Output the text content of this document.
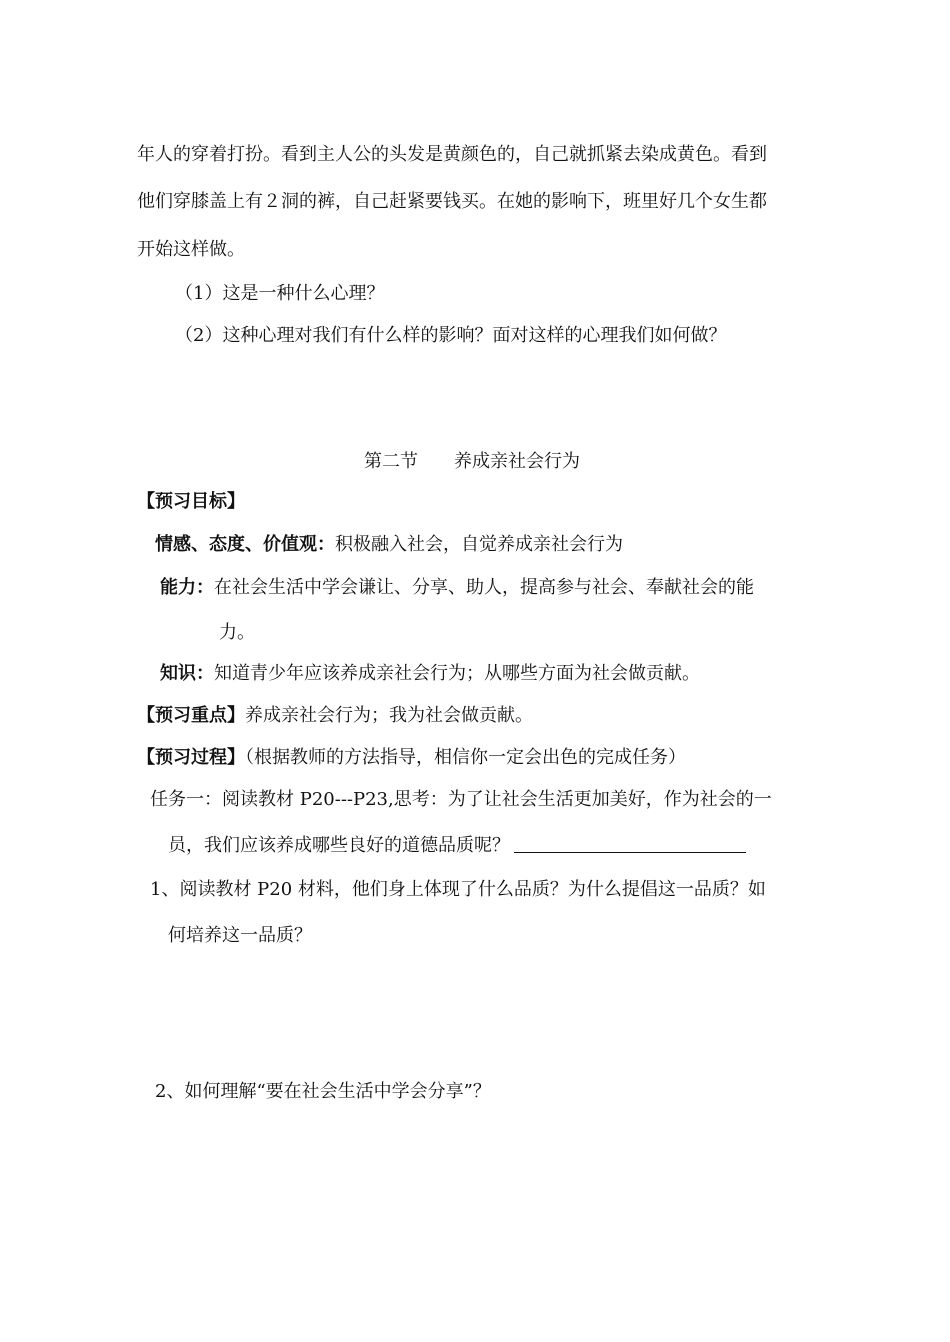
年人的穿着打扮。看到主人公的头发是黄颜色的，自己就抓紧去染成黄色。看到
他们穿膝盖上有２洞的裤，自己赶紧要钱买。在她的影响下，班里好几个女生都
开始这样做。
（1）这是一种什么心理？
（2）这种心理对我们有什么样的影响？面对这样的心理我们如何做？
第二节　　养成亲社会行为
【预习目标】
情感、态度、价值观：积极融入社会，自觉养成亲社会行为
能力：在社会生活中学会谦让、分享、助人，提高参与社会、奉献社会的能
力。
知识：知道青少年应该养成亲社会行为；从哪些方面为社会做贡献。
【预习重点】养成亲社会行为；我为社会做贡献。
【预习过程】（根据教师的方法指导，相信你一定会出色的完成任务）
任务一：阅读教材 P20---P23,思考：为了让社会生活更加美好，作为社会的一
员，我们应该养成哪些良好的道德品质呢？
1、阅读教材 P20 材料，他们身上体现了什么品质？为什么提倡这一品质？如
何培养这一品质？
2、如何理解“要在社会生活中学会分享”？
